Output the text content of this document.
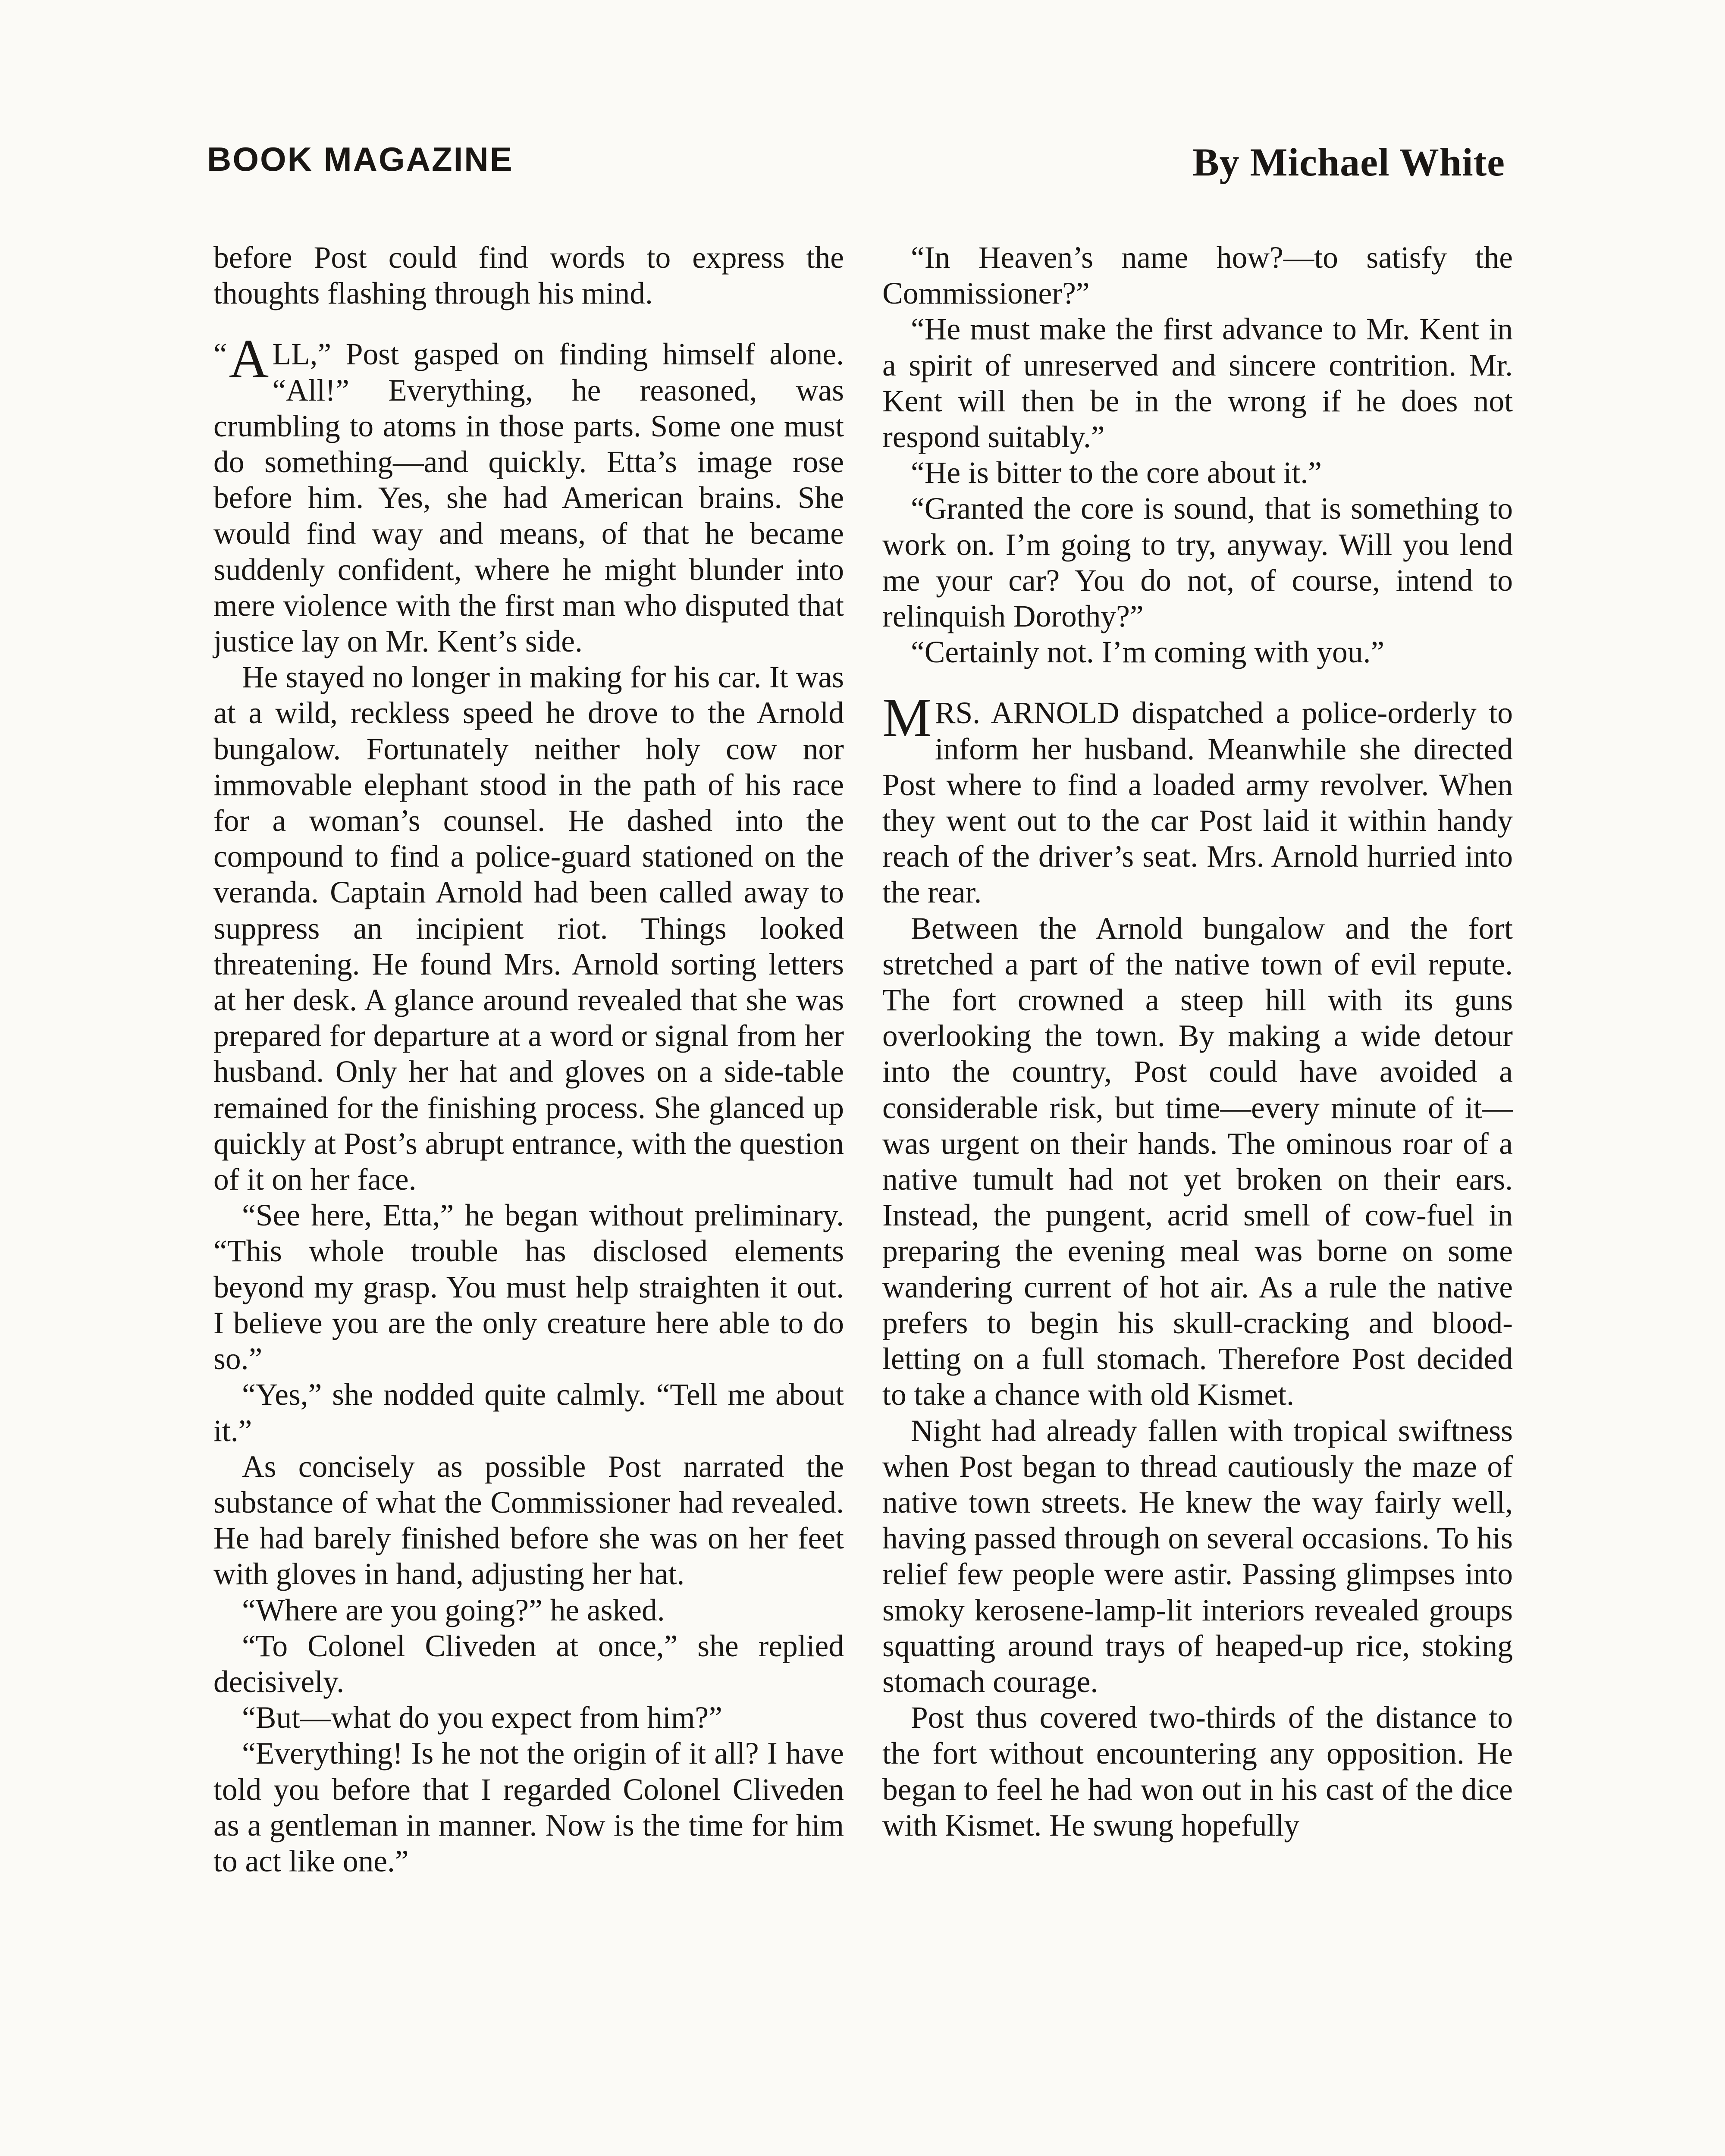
BOOK MAGAZINE	By Michael White

before Post could find words to express the thoughts flashing through his mind.

“ A LL,” Post gasped on finding himself alone. “All!” Everything, he reasoned, was crumbling to atoms in those parts. Some one must do something—and quickly. Etta’s image rose before him. Yes, she had American brains. She would find way and means, of that he became suddenly confident, where he might blunder into mere violence with the first man who disputed that justice lay on Mr. Kent’s side.

He stayed no longer in making for his car. It was at a wild, reckless speed he drove to the Arnold bungalow. Fortunately neither holy cow nor immovable elephant stood in the path of his race for a woman’s counsel. He dashed into the compound to find a police-guard stationed on the veranda. Captain Arnold had been called away to suppress an incipient riot. Things looked threatening. He found Mrs. Arnold sorting letters at her desk. A glance around revealed that she was prepared for departure at a word or signal from her husband. Only her hat and gloves on a side-table remained for the finishing process. She glanced up quickly at Post’s abrupt entrance, with the question of it on her face.

“See here, Etta,” he began without preliminary. “This whole trouble has disclosed elements beyond my grasp. You must help straighten it out. I believe you are the only creature here able to do so.”

“Yes,” she nodded quite calmly. “Tell me about it.”

As concisely as possible Post narrated the substance of what the Commissioner had revealed. He had barely finished before she was on her feet with gloves in hand, adjusting her hat.

“Where are you going?” he asked.

“To Colonel Cliveden at once,” she replied decisively.

“But—what do you expect from him?”

“Everything! Is he not the origin of it all? I have told you before that I regarded Colonel Cliveden as a gentleman in manner. Now is the time for him to act like one.”

“In Heaven’s name how?—to satisfy the Commissioner?”

“He must make the first advance to Mr. Kent in a spirit of unreserved and sincere contrition. Mr. Kent will then be in the wrong if he does not respond suitably.”

“He is bitter to the core about it.”

“Granted the core is sound, that is something to work on. I’m going to try, anyway. Will you lend me your car? You do not, of course, intend to relinquish Dorothy?”

“Certainly not. I’m coming with you.”

M RS. ARNOLD dispatched a police-orderly to inform her husband. Meanwhile she directed Post where to find a loaded army revolver. When they went out to the car Post laid it within handy reach of the driver’s seat. Mrs. Arnold hurried into the rear.

Between the Arnold bungalow and the fort stretched a part of the native town of evil repute. The fort crowned a steep hill with its guns overlooking the town. By making a wide detour into the country, Post could have avoided a considerable risk, but time—every minute of it—was urgent on their hands. The ominous roar of a native tumult had not yet broken on their ears. Instead, the pungent, acrid smell of cow-fuel in preparing the evening meal was borne on some wandering current of hot air. As a rule the native prefers to begin his skull-cracking and blood-letting on a full stomach. Therefore Post decided to take a chance with old Kismet.

Night had already fallen with tropical swiftness when Post began to thread cautiously the maze of native town streets. He knew the way fairly well, having passed through on several occasions. To his relief few people were astir. Passing glimpses into smoky kerosene-lamp-lit interiors revealed groups squatting around trays of heaped-up rice, stoking stomach courage.

Post thus covered two-thirds of the distance to the fort without encountering any opposition. He began to feel he had won out in his cast of the dice with Kismet. He swung hopefully
